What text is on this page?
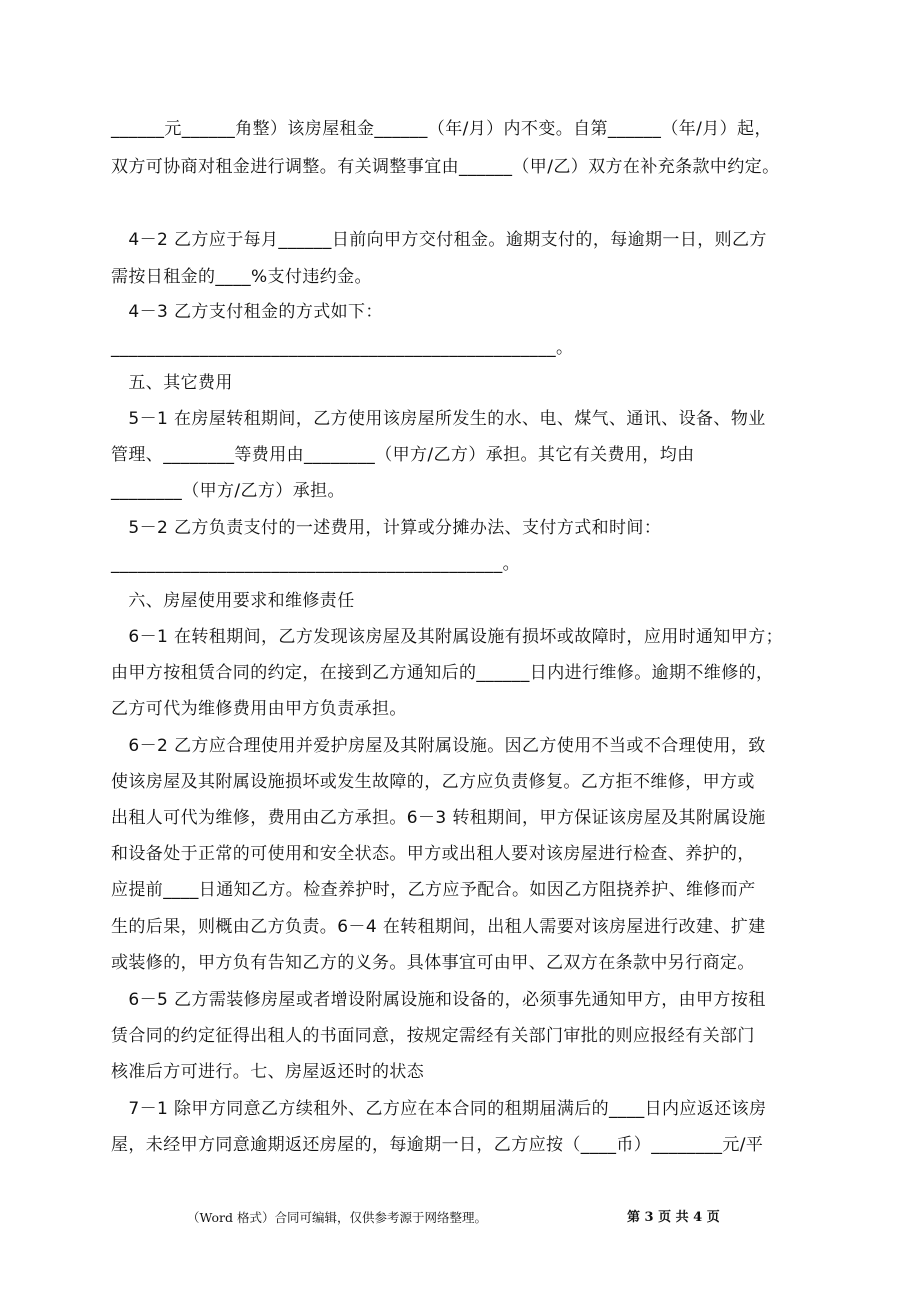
______元______角整）该房屋租金______（年/月）内不变。自第______（年/月）起，
双方可协商对租金进行调整。有关调整事宜由______（甲/乙）双方在补充条款中约定。
　4－2 乙方应于每月______日前向甲方交付租金。逾期支付的，每逾期一日，则乙方
需按日租金的____%支付违约金。
　4－3 乙方支付租金的方式如下：
__________________________________________________。
　五、其它费用
　5－1 在房屋转租期间，乙方使用该房屋所发生的水、电、煤气、通讯、设备、物业
管理、________等费用由________（甲方/乙方）承担。其它有关费用，均由
________（甲方/乙方）承担。
　5－2 乙方负责支付的一述费用，计算或分摊办法、支付方式和时间：
____________________________________________。
　六、房屋使用要求和维修责任
　6－1 在转租期间，乙方发现该房屋及其附属设施有损坏或故障时，应用时通知甲方；
由甲方按租赁合同的约定，在接到乙方通知后的______日内进行维修。逾期不维修的，
乙方可代为维修费用由甲方负责承担。
　6－2 乙方应合理使用并爱护房屋及其附属设施。因乙方使用不当或不合理使用，致
使该房屋及其附属设施损坏或发生故障的，乙方应负责修复。乙方拒不维修，甲方或
出租人可代为维修，费用由乙方承担。6－3 转租期间，甲方保证该房屋及其附属设施
和设备处于正常的可使用和安全状态。甲方或出租人要对该房屋进行检查、养护的，
应提前____日通知乙方。检查养护时，乙方应予配合。如因乙方阻挠养护、维修而产
生的后果，则概由乙方负责。6－4 在转租期间，出租人需要对该房屋进行改建、扩建
或装修的，甲方负有告知乙方的义务。具体事宜可由甲、乙双方在条款中另行商定。
　6－5 乙方需装修房屋或者增设附属设施和设备的，必须事先通知甲方，由甲方按租
赁合同的约定征得出租人的书面同意，按规定需经有关部门审批的则应报经有关部门
核准后方可进行。七、房屋返还时的状态
　7－1 除甲方同意乙方续租外、乙方应在本合同的租期届满后的____日内应返还该房
屋，未经甲方同意逾期返还房屋的，每逾期一日，乙方应按（____币）________元/平
（Word 格式）合同可编辑，仅供参考源于网络整理。	第 3 页 共 4 页
